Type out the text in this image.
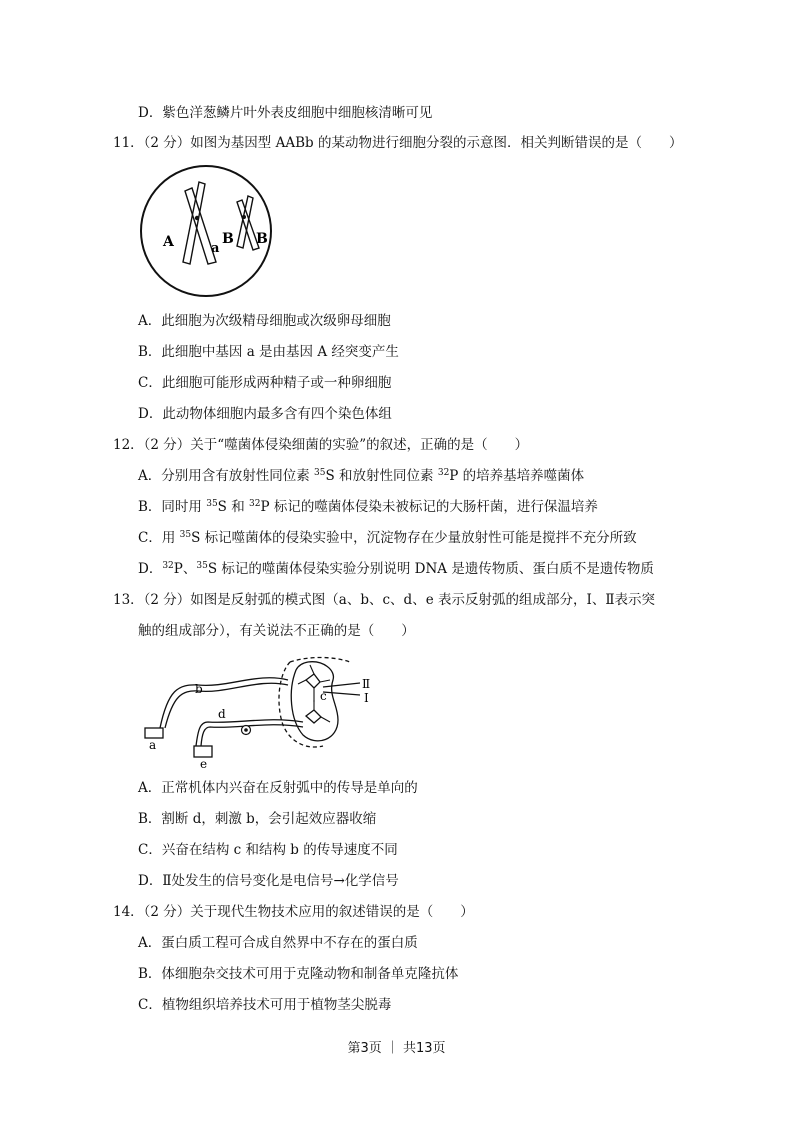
D．紫色洋葱鳞片叶外表皮细胞中细胞核清晰可见
11．（2 分）如图为基因型 AABb 的某动物进行细胞分裂的示意图．相关判断错误的是（　　）
A	a
B B
A．此细胞为次级精母细胞或次级卵母细胞
B．此细胞中基因 a 是由基因 A 经突变产生
C．此细胞可能形成两种精子或一种卵细胞
D．此动物体细胞内最多含有四个染色体组
12．（2 分）关于“噬菌体侵染细菌的实验”的叙述，正确的是（　　）
A．分别用含有放射性同位素 $^{35}$S 和放射性同位素 $^{32}$P 的培养基培养噬菌体
B．同时用 $^{35}$S 和 $^{32}$P 标记的噬菌体侵染未被标记的大肠杆菌，进行保温培养
C．用 $^{35}$S 标记噬菌体的侵染实验中，沉淀物存在少量放射性可能是搅拌不充分所致
D．$^{32}$P、$^{35}$S 标记的噬菌体侵染实验分别说明 DNA 是遗传物质、蛋白质不是遗传物质
13．（2 分）如图是反射弧的模式图（a、b、c、d、e 表示反射弧的组成部分，Ⅰ、Ⅱ表示突
触的组成部分），有关说法不正确的是（　　）
a
b	c
d
e
Ⅱ
I
A．正常机体内兴奋在反射弧中的传导是单向的
B．割断 d，刺激 b，会引起效应器收缩
C．兴奋在结构 c 和结构 b 的传导速度不同
D．Ⅱ处发生的信号变化是电信号→化学信号
14．（2 分）关于现代生物技术应用的叙述错误的是（　　）
A．蛋白质工程可合成自然界中不存在的蛋白质
B．体细胞杂交技术可用于克隆动物和制备单克隆抗体
C．植物组织培养技术可用于植物茎尖脱毒
第3页 ｜ 共13页
